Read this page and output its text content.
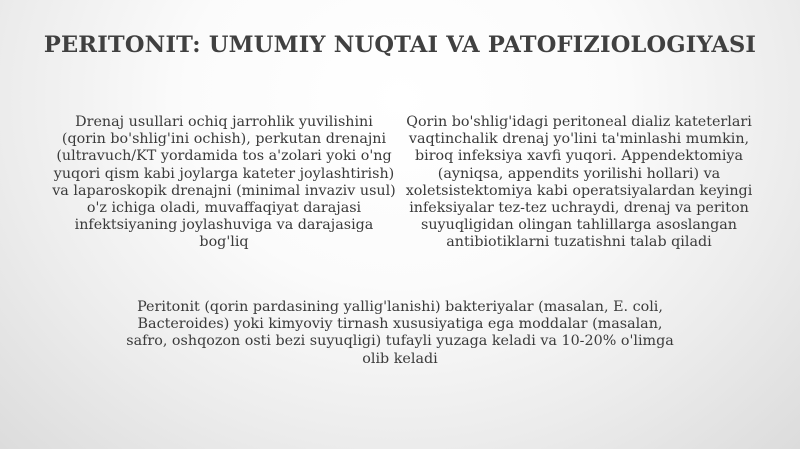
PERITONIT: UMUMIY NUQTAI VA PATOFIZIOLOGIYASI
Drenaj usullari ochiq jarrohlik yuvilishini (qorin bo'shlig'ini ochish), perkutan drenajni (ultravuch/KT yordamida tos a'zolari yoki o'ng yuqori qism kabi joylarga kateter joylashtirish) va laparoskopik drenajni (minimal invaziv usul) o'z ichiga oladi, muvaffaqiyat darajasi infektsiyaning joylashuviga va darajasiga bog'liq
Qorin bo'shlig'idagi peritoneal dializ kateterlari vaqtinchalik drenaj yo'lini ta'minlashi mumkin, biroq infeksiya xavfi yuqori. Appendektomiya (ayniqsa, appendits yorilishi hollari) va xoletsistektomiya kabi operatsiyalardan keyingi infeksiyalar tez-tez uchraydi, drenaj va periton suyuqligidan olingan tahlillarga asoslangan antibiotiklarni tuzatishni talab qiladi
Peritonit (qorin pardasining yallig'lanishi) bakteriyalar (masalan, E. coli, Bacteroides) yoki kimyoviy tirnash xususiyatiga ega moddalar (masalan, safro, oshqozon osti bezi suyuqligi) tufayli yuzaga keladi va 10-20% o'limga olib keladi
